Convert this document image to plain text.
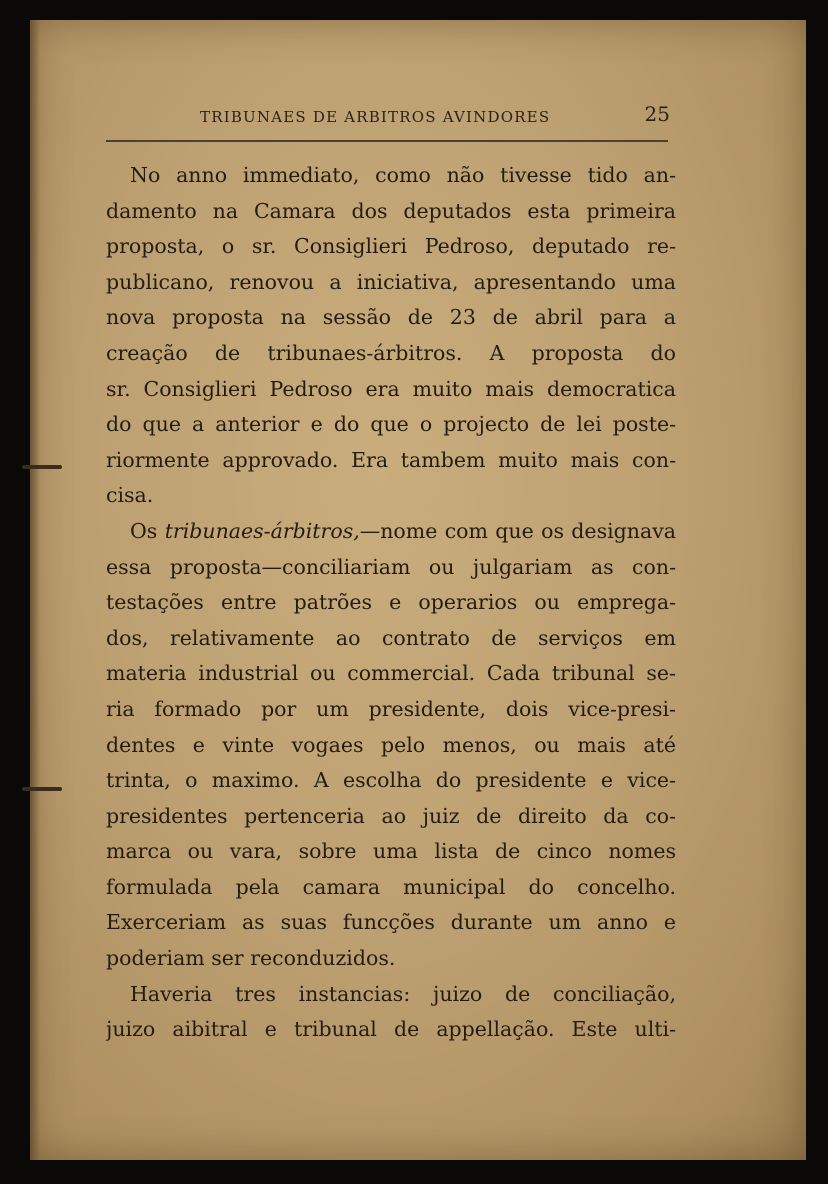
TRIBUNAES DE ARBITROS AVINDORES	25
No anno immediato, como não tivesse tido an-
damento na Camara dos deputados esta primeira
proposta, o sr. Consiglieri Pedroso, deputado re-
publicano, renovou a iniciativa, apresentando uma
nova proposta na sessão de 23 de abril para a
creação de tribunaes-árbitros. A proposta do
sr. Consiglieri Pedroso era muito mais democratica
do que a anterior e do que o projecto de lei poste-
riormente approvado. Era tambem muito mais con-
cisa.
Os tribunaes-árbitros,—nome com que os designava
essa proposta—conciliariam ou julgariam as con-
testações entre patrões e operarios ou emprega-
dos, relativamente ao contrato de serviços em
materia industrial ou commercial. Cada tribunal se-
ria formado por um presidente, dois vice-presi-
dentes e vinte vogaes pelo menos, ou mais até
trinta, o maximo. A escolha do presidente e vice-
presidentes pertenceria ao juiz de direito da co-
marca ou vara, sobre uma lista de cinco nomes
formulada pela camara municipal do concelho.
Exerceriam as suas funcções durante um anno e
poderiam ser reconduzidos.
Haveria tres instancias: juizo de conciliação,
juizo aibitral e tribunal de appellação. Este ulti-
